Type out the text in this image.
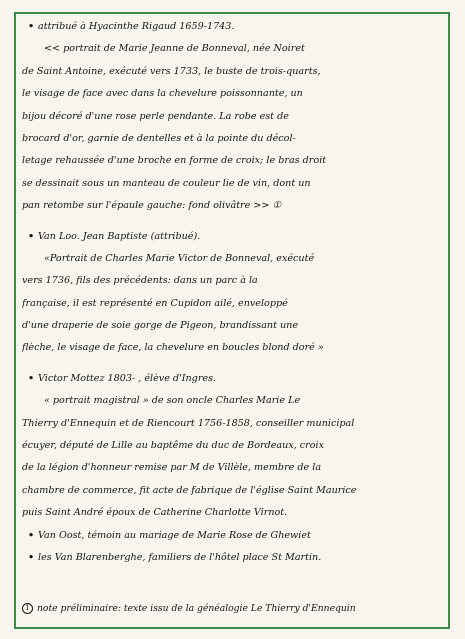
• attribué à Hyacinthe Rigaud 1659-1743.
<< portrait de Marie Jeanne de Bonneval, née Noiret
de Saint Antoine, exécuté vers 1733, le buste de trois-quarts,
le visage de face avec dans la chevelure poissonnante, un
bijou décoré d'une rose perle pendante. La robe est de
brocard d'or, garnie de dentelles et à la pointe du décol-
letage rehaussée d'une broche en forme de croix; le bras droit
se dessinait sous un manteau de couleur lie de vin, dont un
pan retombe sur l'épaule gauche: fond olivâtre >> ①
• Van Loo. Jean Baptiste (attribué).
«Portrait de Charles Marie Victor de Bonneval, exécuté
vers 1736, fils des précédents: dans un parc à la
française, il est représenté en Cupidon ailé, enveloppé
d'une draperie de soie gorge de Pigeon, brandissant une
flèche, le visage de face, la chevelure en boucles blond doré »
• Victor Mottez 1803- , élève d'Ingres.
« portrait magistral » de son oncle Charles Marie Le
Thierry d'Ennequin et de Riencourt 1756-1858, conseiller municipal
écuyer, député de Lille au baptême du duc de Bordeaux, croix
de la légion d'honneur remise par M de Villèle, membre de la
chambre de commerce, fit acte de fabrique de l'église Saint Maurice
puis Saint André époux de Catherine Charlotte Virnot.
• Van Oost, témoin au mariage de Marie Rose de Ghewiet
• les Van Blarenberghe, familiers de l'hôtel place St Martin.
1 note préliminaire: texte issu de la généalogie Le Thierry d'Ennequin
